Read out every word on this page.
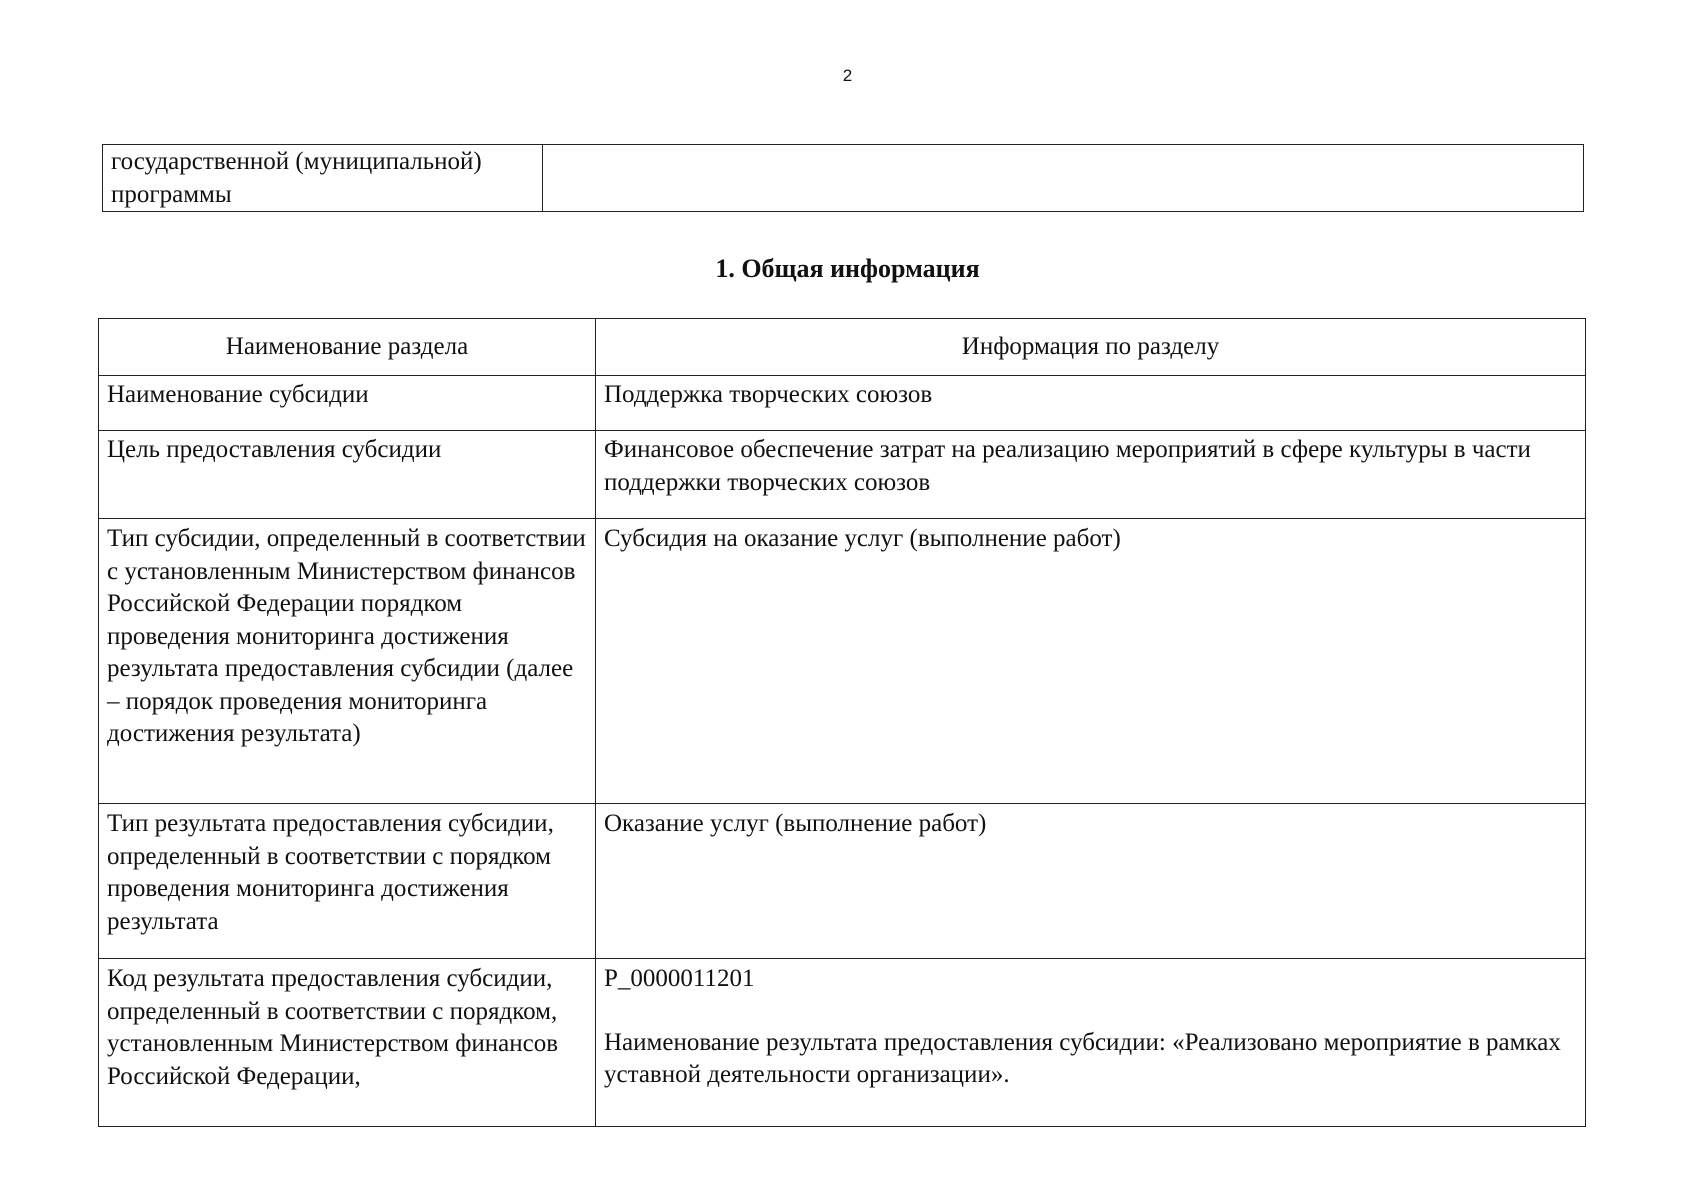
2
государственной (муниципальной) программы	
1. Общая информация
Наименование раздела	Информация по разделу
Наименование субсидии	Поддержка творческих союзов
Цель предоставления субсидии	Финансовое обеспечение затрат на реализацию мероприятий в сфере культуры в части поддержки творческих союзов
Тип субсидии, определенный в соответствии с установленным Министерством финансов Российской Федерации порядком проведения мониторинга достижения результата предоставления субсидии (далее – порядок проведения мониторинга достижения результата)	Субсидия на оказание услуг (выполнение работ)
Тип результата предоставления субсидии, определенный в соответствии с порядком проведения мониторинга достижения результата	Оказание услуг (выполнение работ)
Код результата предоставления субсидии, определенный в соответствии с порядком, установленным Министерством финансов Российской Федерации,	P_0000011201
Наименование результата предоставления субсидии: «Реализовано мероприятие в рамках уставной деятельности организации».
